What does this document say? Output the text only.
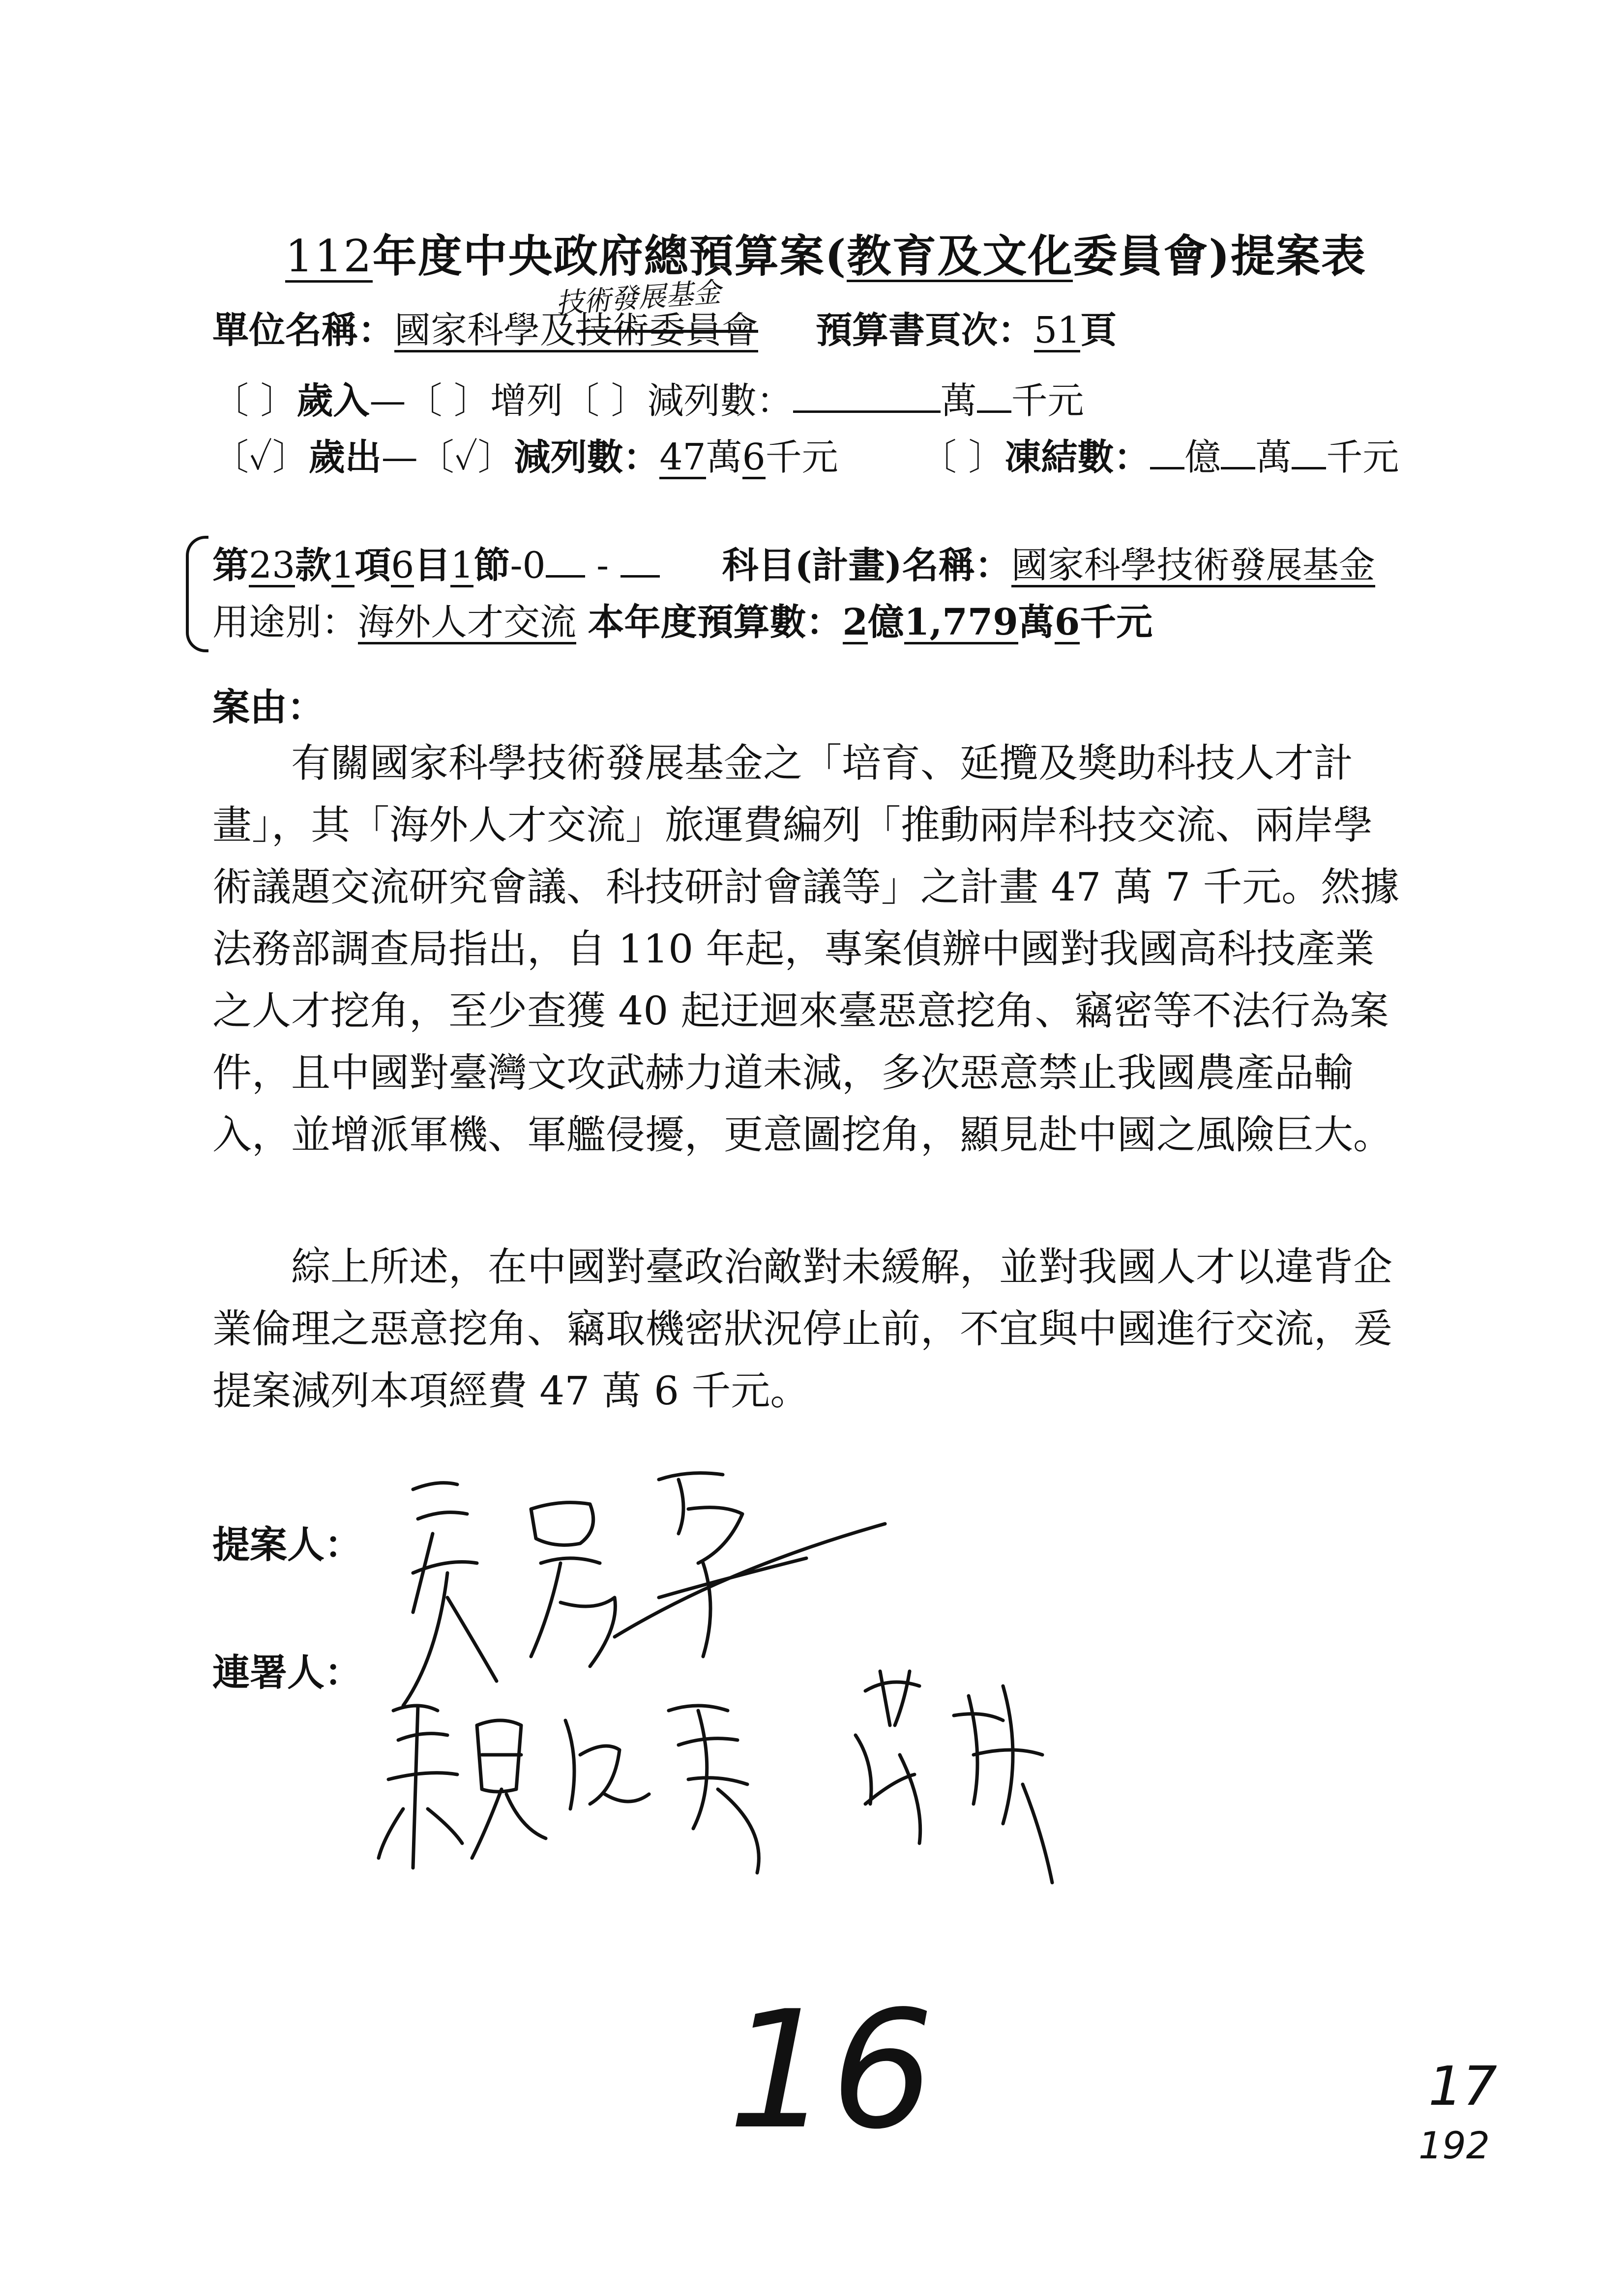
112年度中央政府總預算案(教育及文化委員會)提案表
技術發展基金
單位名稱：國家科學及技術委員會 預算書頁次：51頁
〔 〕歲入—〔 〕增列〔 〕減列數：	萬 千元
〔✓〕歲出—〔✓〕減列數：47萬6千元 〔 〕凍結數： 億 萬 千元
第23款1項6目1節-0 -	科目(計畫)名稱：國家科學技術發展基金
用途別：海外人才交流 本年度預算數：2億1,779萬6千元
案由：
有關國家科學技術發展基金之「培育、延攬及獎助科技人才計畫」，其「海外人才交流」旅運費編列「推動兩岸科技交流、兩岸學術議題交流研究會議、科技研討會議等」之計畫 47 萬 7 千元。然據法務部調查局指出，自 110 年起，專案偵辦中國對我國高科技產業之人才挖角，至少查獲 40 起迂迴來臺惡意挖角、竊密等不法行為案件，且中國對臺灣文攻武赫力道未減，多次惡意禁止我國農產品輸入，並增派軍機、軍艦侵擾，更意圖挖角，顯見赴中國之風險巨大。
綜上所述，在中國對臺政治敵對未緩解，並對我國人才以違背企業倫理之惡意挖角、竊取機密狀況停止前，不宜與中國進行交流，爰提案減列本項經費 47 萬 6 千元。
提案人：
連署人：
16	17
192
